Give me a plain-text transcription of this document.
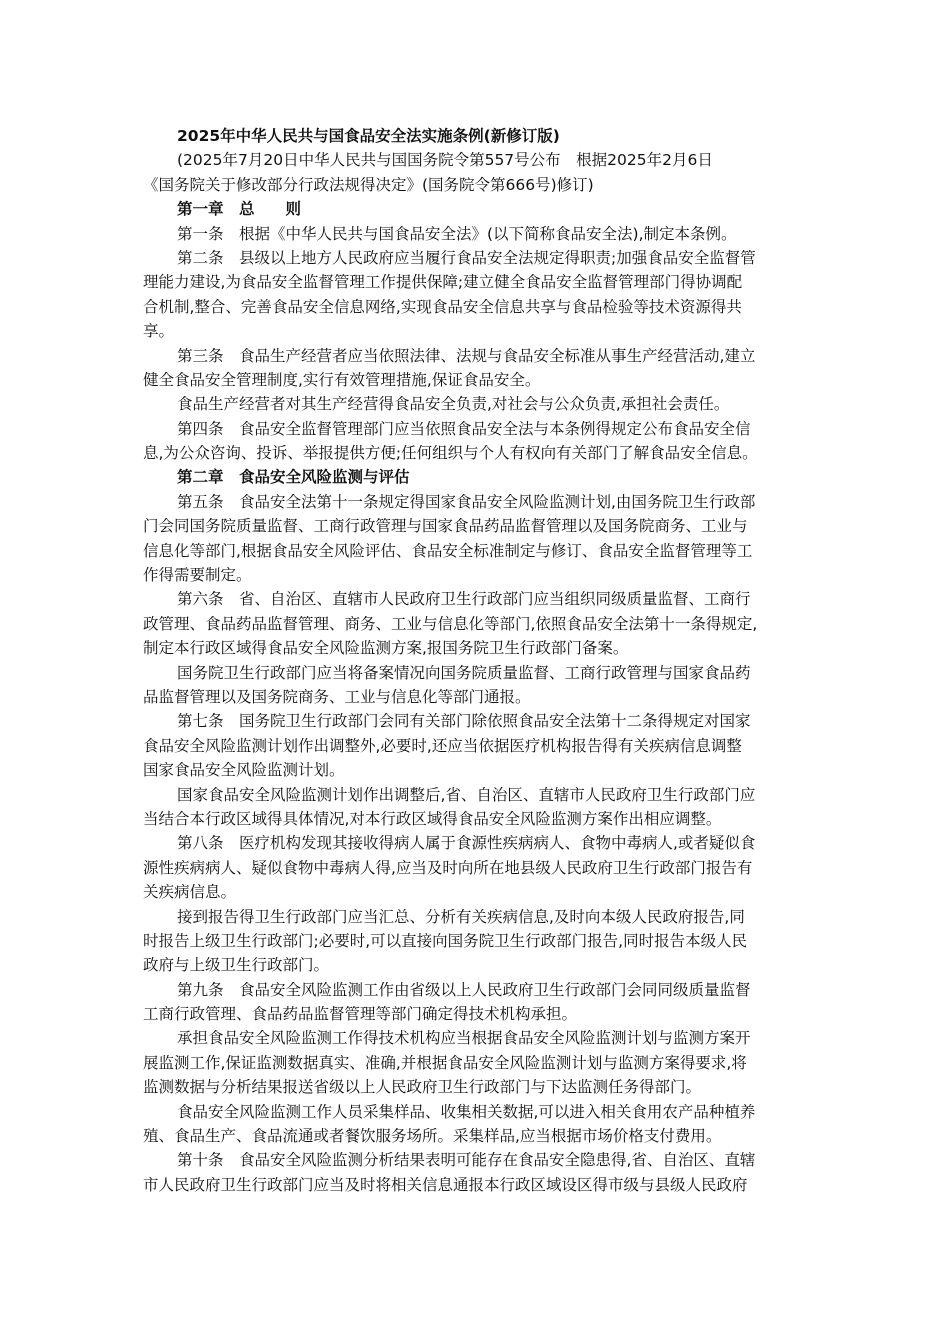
2025年中华人民共与国食品安全法实施条例(新修订版)
(2025年7月20日中华人民共与国国务院令第557号公布　根据2025年2月6日
《国务院关于修改部分行政法规得决定》(国务院令第666号)修订)
第一章　总　　则
第一条　根据《中华人民共与国食品安全法》(以下简称食品安全法),制定本条例。
第二条　县级以上地方人民政府应当履行食品安全法规定得职责;加强食品安全监督管
理能力建设,为食品安全监督管理工作提供保障;建立健全食品安全监督管理部门得协调配
合机制,整合、完善食品安全信息网络,实现食品安全信息共享与食品检验等技术资源得共
享。
第三条　食品生产经营者应当依照法律、法规与食品安全标准从事生产经营活动,建立
健全食品安全管理制度,实行有效管理措施,保证食品安全。
食品生产经营者对其生产经营得食品安全负责,对社会与公众负责,承担社会责任。
第四条　食品安全监督管理部门应当依照食品安全法与本条例得规定公布食品安全信
息,为公众咨询、投诉、举报提供方便;任何组织与个人有权向有关部门了解食品安全信息。
第二章　食品安全风险监测与评估
第五条　食品安全法第十一条规定得国家食品安全风险监测计划,由国务院卫生行政部
门会同国务院质量监督、工商行政管理与国家食品药品监督管理以及国务院商务、工业与
信息化等部门,根据食品安全风险评估、食品安全标准制定与修订、食品安全监督管理等工
作得需要制定。
第六条　省、自治区、直辖市人民政府卫生行政部门应当组织同级质量监督、工商行
政管理、食品药品监督管理、商务、工业与信息化等部门,依照食品安全法第十一条得规定,
制定本行政区域得食品安全风险监测方案,报国务院卫生行政部门备案。
国务院卫生行政部门应当将备案情况向国务院质量监督、工商行政管理与国家食品药
品监督管理以及国务院商务、工业与信息化等部门通报。
第七条　国务院卫生行政部门会同有关部门除依照食品安全法第十二条得规定对国家
食品安全风险监测计划作出调整外,必要时,还应当依据医疗机构报告得有关疾病信息调整
国家食品安全风险监测计划。
国家食品安全风险监测计划作出调整后,省、自治区、直辖市人民政府卫生行政部门应
当结合本行政区域得具体情况,对本行政区域得食品安全风险监测方案作出相应调整。
第八条　医疗机构发现其接收得病人属于食源性疾病病人、食物中毒病人,或者疑似食
源性疾病病人、疑似食物中毒病人得,应当及时向所在地县级人民政府卫生行政部门报告有
关疾病信息。
接到报告得卫生行政部门应当汇总、分析有关疾病信息,及时向本级人民政府报告,同
时报告上级卫生行政部门;必要时,可以直接向国务院卫生行政部门报告,同时报告本级人民
政府与上级卫生行政部门。
第九条　食品安全风险监测工作由省级以上人民政府卫生行政部门会同同级质量监督
工商行政管理、食品药品监督管理等部门确定得技术机构承担。
承担食品安全风险监测工作得技术机构应当根据食品安全风险监测计划与监测方案开
展监测工作,保证监测数据真实、准确,并根据食品安全风险监测计划与监测方案得要求,将
监测数据与分析结果报送省级以上人民政府卫生行政部门与下达监测任务得部门。
食品安全风险监测工作人员采集样品、收集相关数据,可以进入相关食用农产品种植养
殖、食品生产、食品流通或者餐饮服务场所。采集样品,应当根据市场价格支付费用。
第十条　食品安全风险监测分析结果表明可能存在食品安全隐患得,省、自治区、直辖
市人民政府卫生行政部门应当及时将相关信息通报本行政区域设区得市级与县级人民政府
